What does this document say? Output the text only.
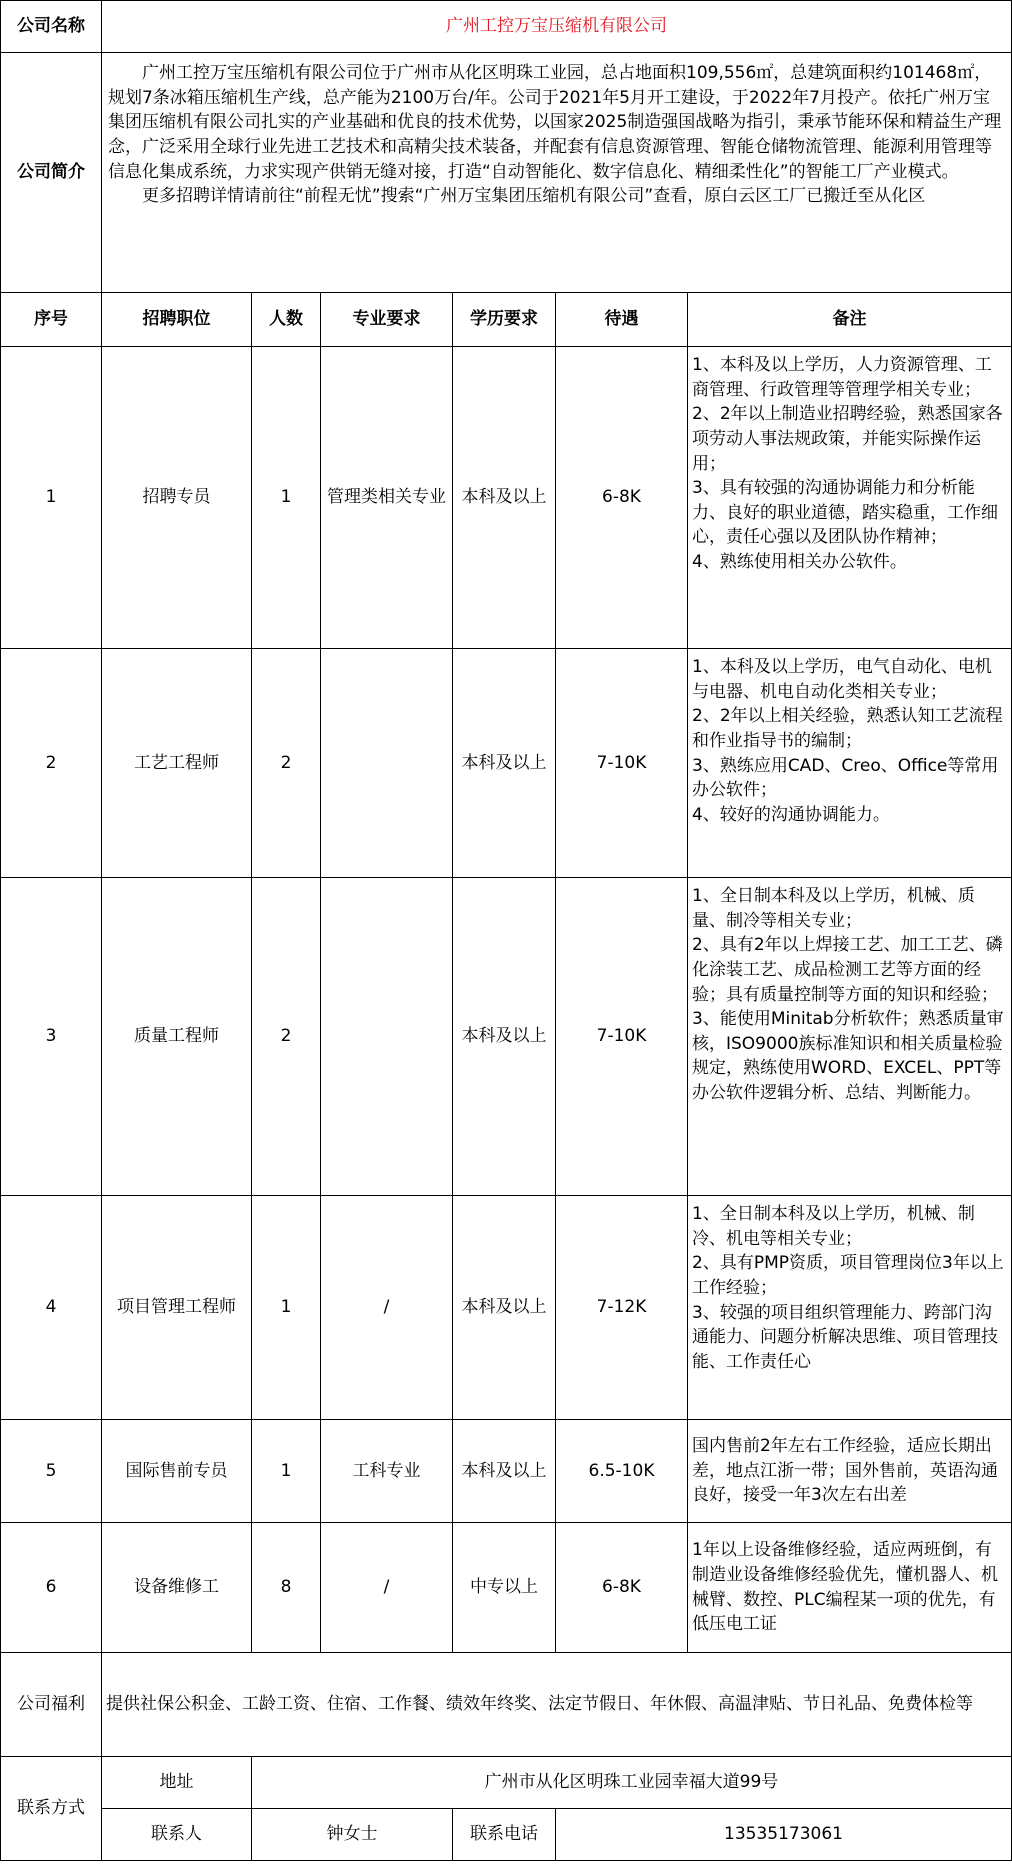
公司名称	广州工控万宝压缩机有限公司					
公司简介	广州工控万宝压缩机有限公司位于广州市从化区明珠工业园，总占地面积109,556㎡，总建筑面积约101468㎡，规划7条冰箱压缩机生产线，总产能为2100万台/年。公司于2021年5月开工建设，于2022年7月投产。依托广州万宝集团压缩机有限公司扎实的产业基础和优良的技术优势，以国家2025制造强国战略为指引，秉承节能环保和精益生产理念，广泛采用全球行业先进工艺技术和高精尖技术装备，并配套有信息资源管理、智能仓储物流管理、能源利用管理等信息化集成系统，力求实现产供销无缝对接，打造“自动智能化、数字信息化、精细柔性化”的智能工厂产业模式。

更多招聘详情请前往“前程无忧”搜索“广州万宝集团压缩机有限公司”查看，原白云区工厂已搬迁至从化区					

序号	招聘职位	人数	专业要求	学历要求	待遇	备注
1	招聘专员	1	管理类相关专业	本科及以上	6-8K	1、本科及以上学历，人力资源管理、工商管理、行政管理等管理学相关专业；
2、2年以上制造业招聘经验，熟悉国家各项劳动人事法规政策，并能实际操作运用；
3、具有较强的沟通协调能力和分析能力、良好的职业道德，踏实稳重，工作细心，责任心强以及团队协作精神；
4、熟练使用相关办公软件。

2	工艺工程师	2		本科及以上	7-10K	1、本科及以上学历，电气自动化、电机与电器、机电自动化类相关专业；
2、2年以上相关经验，熟悉认知工艺流程和作业指导书的编制；
3、熟练应用CAD、Creo、Office等常用办公软件；
4、较好的沟通协调能力。

3	质量工程师	2		本科及以上	7-10K	1、全日制本科及以上学历，机械、质量、制冷等相关专业；
2、具有2年以上焊接工艺、加工工艺、磷化涂装工艺、成品检测工艺等方面的经验；具有质量控制等方面的知识和经验；
3、能使用Minitab分析软件；熟悉质量审核，ISO9000族标准知识和相关质量检验规定，熟练使用WORD、EXCEL、PPT等办公软件逻辑分析、总结、判断能力。

4	项目管理工程师	1	/	本科及以上	7-12K	1、全日制本科及以上学历，机械、制冷、机电等相关专业；
2、具有PMP资质，项目管理岗位3年以上工作经验；
3、较强的项目组织管理能力、跨部门沟通能力、问题分析解决思维、项目管理技能、工作责任心

5	国际售前专员	1	工科专业	本科及以上	6.5-10K	国内售前2年左右工作经验，适应长期出差，地点江浙一带；国外售前，英语沟通良好，接受一年3次左右出差

6	设备维修工	8	/	中专以上	6-8K	1年以上设备维修经验，适应两班倒，有制造业设备维修经验优先，懂机器人、机械臂、数控、PLC编程某一项的优先，有低压电工证

公司福利	提供社保公积金、工龄工资、住宿、工作餐、绩效年终奖、法定节假日、年休假、高温津贴、节日礼品、免费体检等					
联系方式	地址	广州市从化区明珠工业园幸福大道99号				
	联系人	钟女士		联系电话	13535173061	
